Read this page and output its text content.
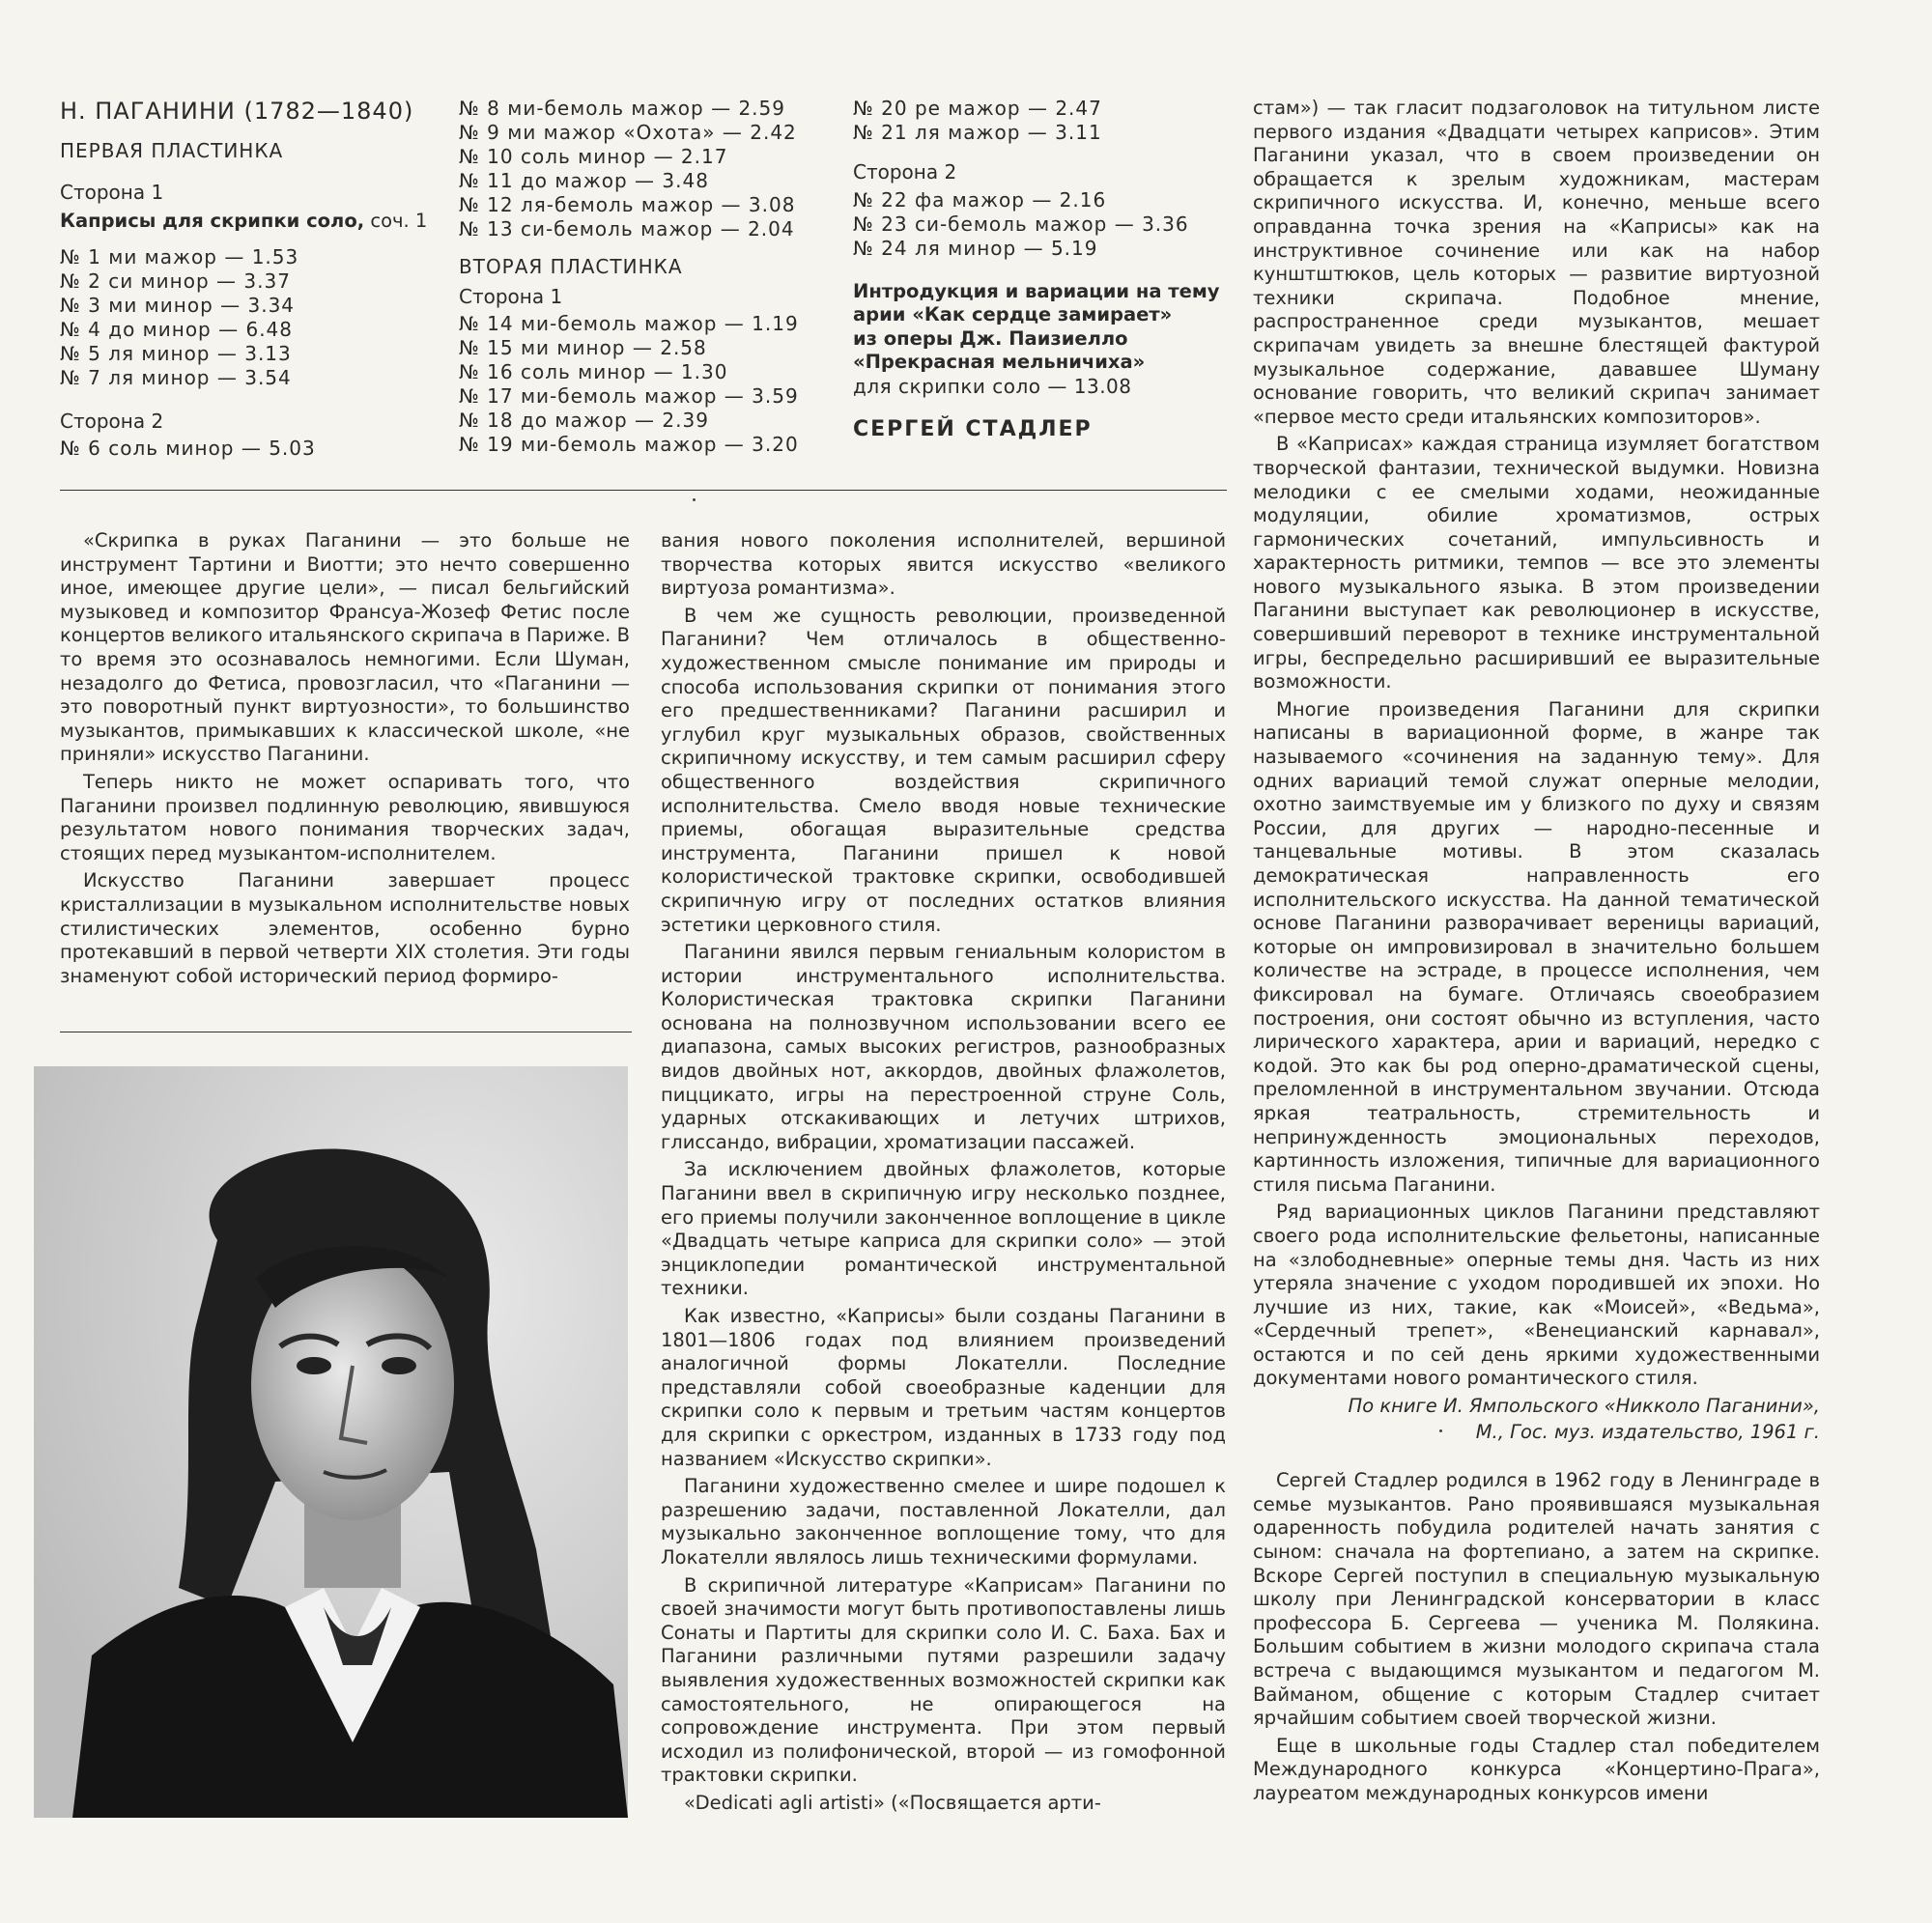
Н. ПАГАНИНИ (1782—1840)
ПЕРВАЯ ПЛАСТИНКА
Сторона 1
Каприсы для скрипки соло, соч. 1
№ 1 ми мажор — 1.53
№ 2 си минор — 3.37
№ 3 ми минор — 3.34
№ 4 до минор — 6.48
№ 5 ля минор — 3.13
№ 7 ля минор — 3.54
Сторона 2
№ 6 соль минор — 5.03
№ 8 ми-бемоль мажор — 2.59
№ 9 ми мажор «Охота» — 2.42
№ 10 соль минор — 2.17
№ 11 до мажор — 3.48
№ 12 ля-бемоль мажор — 3.08
№ 13 си-бемоль мажор — 2.04
ВТОРАЯ ПЛАСТИНКА
Сторона 1
№ 14 ми-бемоль мажор — 1.19
№ 15 ми минор — 2.58
№ 16 соль минор — 1.30
№ 17 ми-бемоль мажор — 3.59
№ 18 до мажор — 2.39
№ 19 ми-бемоль мажор — 3.20
№ 20 ре мажор — 2.47
№ 21 ля мажор — 3.11
Сторона 2
№ 22 фа мажор — 2.16
№ 23 си-бемоль мажор — 3.36
№ 24 ля минор — 5.19
Интродукция и вариации на тему
арии «Как сердце замирает»
из оперы Дж. Паизиелло
«Прекрасная мельничиха»
для скрипки соло — 13.08
СЕРГЕЙ СТАДЛЕР

«Скрипка в руках Паганини — это больше не инструмент Тартини и Виотти; это нечто совершенно иное, имеющее другие цели», — писал бельгийский музыковед и композитор Франсуа-Жозеф Фетис после концертов великого итальянского скрипача в Париже. В то время это осознавалось немногими. Если Шуман, незадолго до Фетиса, провозгласил, что «Паганини — это поворотный пункт виртуозности», то большинство музыкантов, примыкавших к классической школе, «не приняли» искусство Паганини.

Теперь никто не может оспаривать того, что Паганини произвел подлинную революцию, явившуюся результатом нового понимания творческих задач, стоящих перед музыкантом-исполнителем.

Искусство Паганини завершает процесс кристаллизации в музыкальном исполнительстве новых стилистических элементов, особенно бурно протекавший в первой четверти XIX столетия. Эти годы знаменуют собой исторический период формиро-

вания нового поколения исполнителей, вершиной творчества которых явится искусство «великого виртуоза романтизма».

В чем же сущность революции, произведенной Паганини? Чем отличалось в общественно-художественном смысле понимание им природы и способа использования скрипки от понимания этого его предшественниками? Паганини расширил и углубил круг музыкальных образов, свойственных скрипичному искусству, и тем самым расширил сферу общественного воздействия скрипичного исполнительства. Смело вводя новые технические приемы, обогащая выразительные средства инструмента, Паганини пришел к новой колористической трактовке скрипки, освободившей скрипичную игру от последних остатков влияния эстетики церковного стиля.

Паганини явился первым гениальным колористом в истории инструментального исполнительства. Колористическая трактовка скрипки Паганини основана на полнозвучном использовании всего ее диапазона, самых высоких регистров, разнообразных видов двойных нот, аккордов, двойных флажолетов, пиццикато, игры на перестроенной струне Соль, ударных отскакивающих и летучих штрихов, глиссандо, вибрации, хроматизации пассажей.

За исключением двойных флажолетов, которые Паганини ввел в скрипичную игру несколько позднее, его приемы получили законченное воплощение в цикле «Двадцать четыре каприса для скрипки соло» — этой энциклопедии романтической инструментальной техники.

Как известно, «Каприсы» были созданы Паганини в 1801—1806 годах под влиянием произведений аналогичной формы Локателли. Последние представляли собой своеобразные каденции для скрипки соло к первым и третьим частям концертов для скрипки с оркестром, изданных в 1733 году под названием «Искусство скрипки».

Паганини художественно смелее и шире подошел к разрешению задачи, поставленной Локателли, дал музыкально законченное воплощение тому, что для Локателли являлось лишь техническими формулами.

В скрипичной литературе «Каприсам» Паганини по своей значимости могут быть противопоставлены лишь Сонаты и Партиты для скрипки соло И. С. Баха. Бах и Паганини различными путями разрешили задачу выявления художественных возможностей скрипки как самостоятельного, не опирающегося на сопровождение инструмента. При этом первый исходил из полифонической, второй — из гомофонной трактовки скрипки.

«Dedicati agli artisti» («Посвящается арти-

стам») — так гласит подзаголовок на титульном листе первого издания «Двадцати четырех каприсов». Этим Паганини указал, что в своем произведении он обращается к зрелым художникам, мастерам скрипичного искусства. И, конечно, меньше всего оправданна точка зрения на «Каприсы» как на инструктивное сочинение или как на набор кунштштюков, цель которых — развитие виртуозной техники скрипача. Подобное мнение, распространенное среди музыкантов, мешает скрипачам увидеть за внешне блестящей фактурой музыкальное содержание, дававшее Шуману основание говорить, что великий скрипач занимает «первое место среди итальянских композиторов».

В «Каприсах» каждая страница изумляет богатством творческой фантазии, технической выдумки. Новизна мелодики с ее смелыми ходами, неожиданные модуляции, обилие хроматизмов, острых гармонических сочетаний, импульсивность и характерность ритмики, темпов — все это элементы нового музыкального языка. В этом произведении Паганини выступает как революционер в искусстве, совершивший переворот в технике инструментальной игры, беспредельно расширивший ее выразительные возможности.

Многие произведения Паганини для скрипки написаны в вариационной форме, в жанре так называемого «сочинения на заданную тему». Для одних вариаций темой служат оперные мелодии, охотно заимствуемые им у близкого по духу и связям России, для других — народно-песенные и танцевальные мотивы. В этом сказалась демократическая направленность его исполнительского искусства. На данной тематической основе Паганини разворачивает вереницы вариаций, которые он импровизировал в значительно большем количестве на эстраде, в процессе исполнения, чем фиксировал на бумаге. Отличаясь своеобразием построения, они состоят обычно из вступления, часто лирического характера, арии и вариаций, нередко с кодой. Это как бы род оперно-драматической сцены, преломленной в инструментальном звучании. Отсюда яркая театральность, стремительность и непринужденность эмоциональных переходов, картинность изложения, типичные для вариационного стиля письма Паганини.

Ряд вариационных циклов Паганини представляют своего рода исполнительские фельетоны, написанные на «злободневные» оперные темы дня. Часть из них утеряла значение с уходом породившей их эпохи. Но лучшие из них, такие, как «Моисей», «Ведьма», «Сердечный трепет», «Венецианский карнавал», остаются и по сей день яркими художественными документами нового романтического стиля.

По книге И. Ямпольского «Никколо Паганини»,
М., Гос. муз. издательство, 1961 г.

Сергей Стадлер родился в 1962 году в Ленинграде в семье музыкантов. Рано проявившаяся музыкальная одаренность побудила родителей начать занятия с сыном: сначала на фортепиано, а затем на скрипке. Вскоре Сергей поступил в специальную музыкальную школу при Ленинградской консерватории в класс профессора Б. Сергеева — ученика М. Полякина. Большим событием в жизни молодого скрипача стала встреча с выдающимся музыкантом и педагогом М. Вайманом, общение с которым Стадлер считает ярчайшим событием своей творческой жизни.

Еще в школьные годы Стадлер стал победителем Международного конкурса «Концертино-Прага», лауреатом международных конкурсов имени
